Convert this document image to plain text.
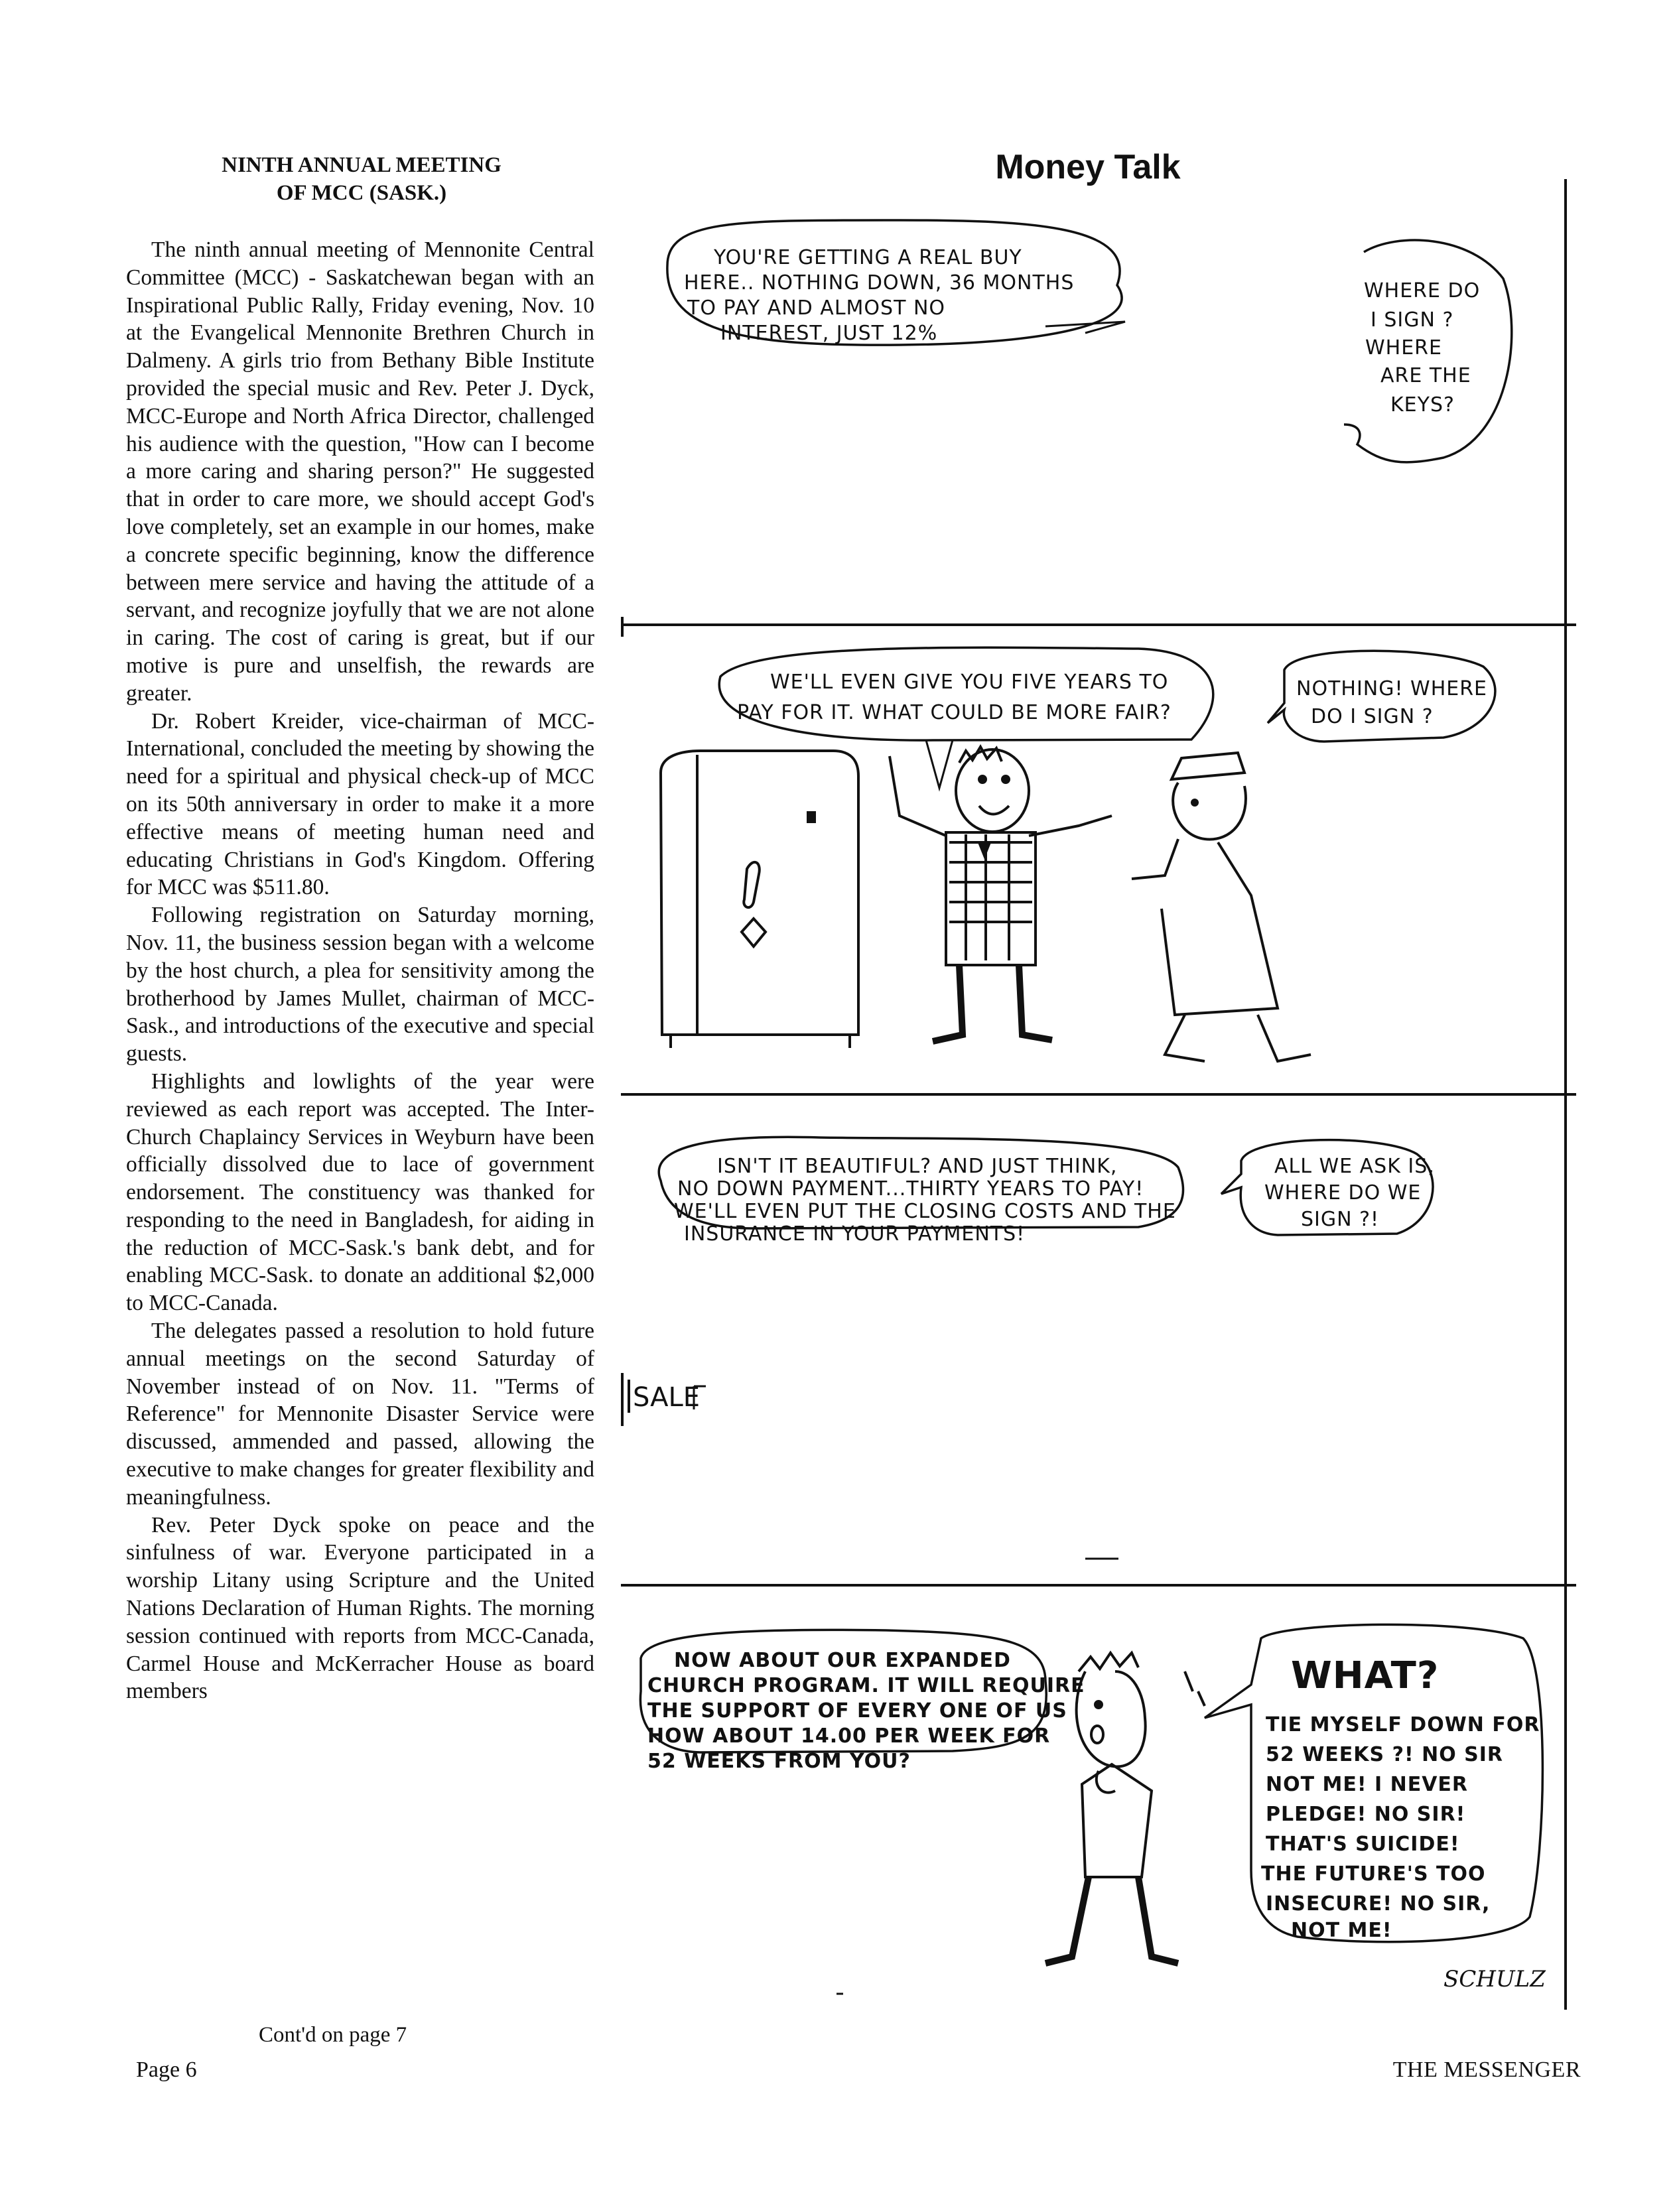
NINTH ANNUAL MEETING
OF MCC (SASK.)

The ninth annual meeting of Mennonite Central Committee (MCC) - Saskatchewan began with an Inspirational Public Rally, Friday evening, Nov. 10 at the Evangelical Mennonite Brethren Church in Dalmeny. A girls trio from Bethany Bible Institute provided the special music and Rev. Peter J. Dyck, MCC-Europe and North Africa Director, challenged his audience with the question, "How can I become a more caring and sharing person?" He suggested that in order to care more, we should accept God's love completely, set an example in our homes, make a concrete specific beginning, know the difference between mere service and having the attitude of a servant, and recognize joyfully that we are not alone in caring. The cost of caring is great, but if our motive is pure and unselfish, the rewards are greater.

Dr. Robert Kreider, vice-chairman of MCC-International, concluded the meeting by showing the need for a spiritual and physical check-up of MCC on its 50th anniversary in order to make it a more effective means of meeting human need and educating Christians in God's Kingdom. Offering for MCC was $511.80.

Following registration on Saturday morning, Nov. 11, the business session began with a welcome by the host church, a plea for sensitivity among the brotherhood by James Mullet, chairman of MCC-Sask., and introductions of the executive and special guests.

Highlights and lowlights of the year were reviewed as each report was accepted. The Inter-Church Chaplaincy Services in Weyburn have been officially dissolved due to lace of government endorsement. The constituency was thanked for responding to the need in Bangladesh, for aiding in the reduction of MCC-Sask.'s bank debt, and for enabling MCC-Sask. to donate an additional $2,000 to MCC-Canada.

The delegates passed a resolution to hold future annual meetings on the second Saturday of November instead of on Nov. 11. "Terms of Reference" for Mennonite Disaster Service were discussed, ammended and passed, allowing the executive to make changes for greater flexibility and meaningfulness.

Rev. Peter Dyck spoke on peace and the sinfulness of war. Everyone participated in a worship Litany using Scripture and the United Nations Declaration of Human Rights. The morning session continued with reports from MCC-Canada, Carmel House and McKerracher House as board members

Cont'd on page 7
Money Talk
YOU'RE GETTING A REAL BUY
HERE.. NOTHING DOWN, 36 MONTHS
TO PAY AND ALMOST NO
INTEREST, JUST 12%
WHERE DO
I SIGN ?
WHERE
ARE THE
KEYS?
WE'LL EVEN GIVE YOU FIVE YEARS TO
PAY FOR IT. WHAT COULD BE MORE FAIR?
NOTHING! WHERE
DO I SIGN ?
ISN'T IT BEAUTIFUL? AND JUST THINK,
NO DOWN PAYMENT...THIRTY YEARS TO PAY!
WE'LL EVEN PUT THE CLOSING COSTS AND THE
INSURANCE IN YOUR PAYMENTS!
ALL WE ASK IS,
WHERE DO WE
SIGN ?!
SALE
NOW ABOUT OUR EXPANDED
CHURCH PROGRAM. IT WILL REQUIRE
THE SUPPORT OF EVERY ONE OF US
HOW ABOUT 14.00 PER WEEK FOR
52 WEEKS FROM YOU?
WHAT?
TIE MYSELF DOWN FOR
52 WEEKS ?! NO SIR
NOT ME! I NEVER
PLEDGE! NO SIR!
THAT'S SUICIDE!
THE FUTURE'S TOO
INSECURE! NO SIR,
NOT ME!
SCHULZ
Page 6	THE MESSENGER
